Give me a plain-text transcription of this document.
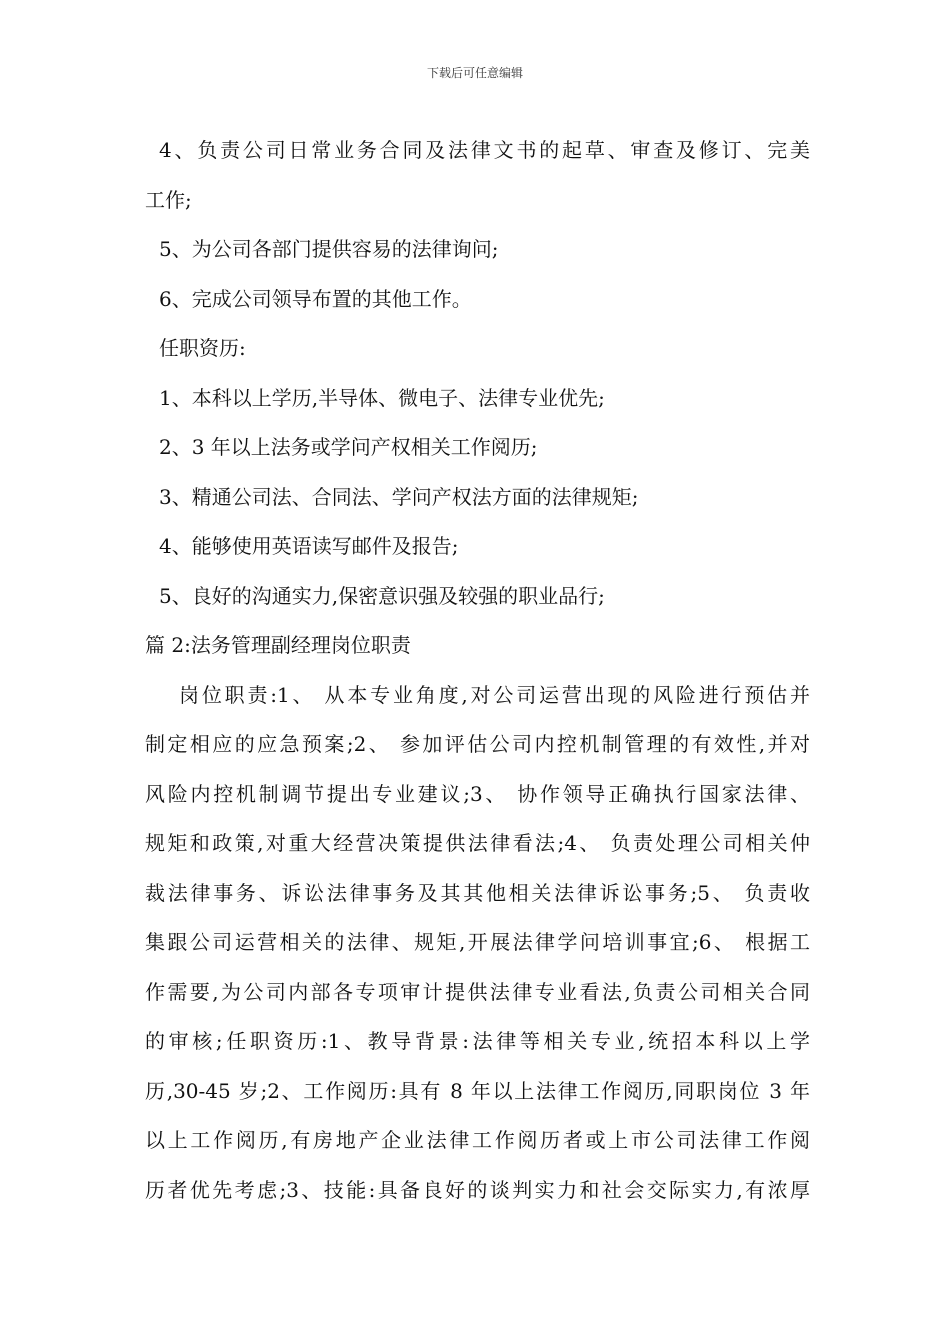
下载后可任意编辑
4、负责公司日常业务合同及法律文书的起草、审查及修订、完美
工作;
5、为公司各部门提供容易的法律询问;
6、完成公司领导布置的其他工作。
任职资历:
1、本科以上学历,半导体、微电子、法律专业优先;
2、3 年以上法务或学问产权相关工作阅历;
3、精通公司法、合同法、学问产权法方面的法律规矩;
4、能够使用英语读写邮件及报告;
5、良好的沟通实力,保密意识强及较强的职业品行;
篇 2:法务管理副经理岗位职责
岗位职责:1、 从本专业角度,对公司运营出现的风险进行预估并
制定相应的应急预案;2、 参加评估公司内控机制管理的有效性,并对
风险内控机制调节提出专业建议;3、 协作领导正确执行国家法律、
规矩和政策,对重大经营决策提供法律看法;4、 负责处理公司相关仲
裁法律事务、诉讼法律事务及其其他相关法律诉讼事务;5、 负责收
集跟公司运营相关的法律、规矩,开展法律学问培训事宜;6、 根据工
作需要,为公司内部各专项审计提供法律专业看法,负责公司相关合同
的审核;任职资历:1、教导背景:法律等相关专业,统招本科以上学
历,30-45 岁;2、工作阅历:具有 8 年以上法律工作阅历,同职岗位 3 年
以上工作阅历,有房地产企业法律工作阅历者或上市公司法律工作阅
历者优先考虑;3、技能:具备良好的谈判实力和社会交际实力,有浓厚
